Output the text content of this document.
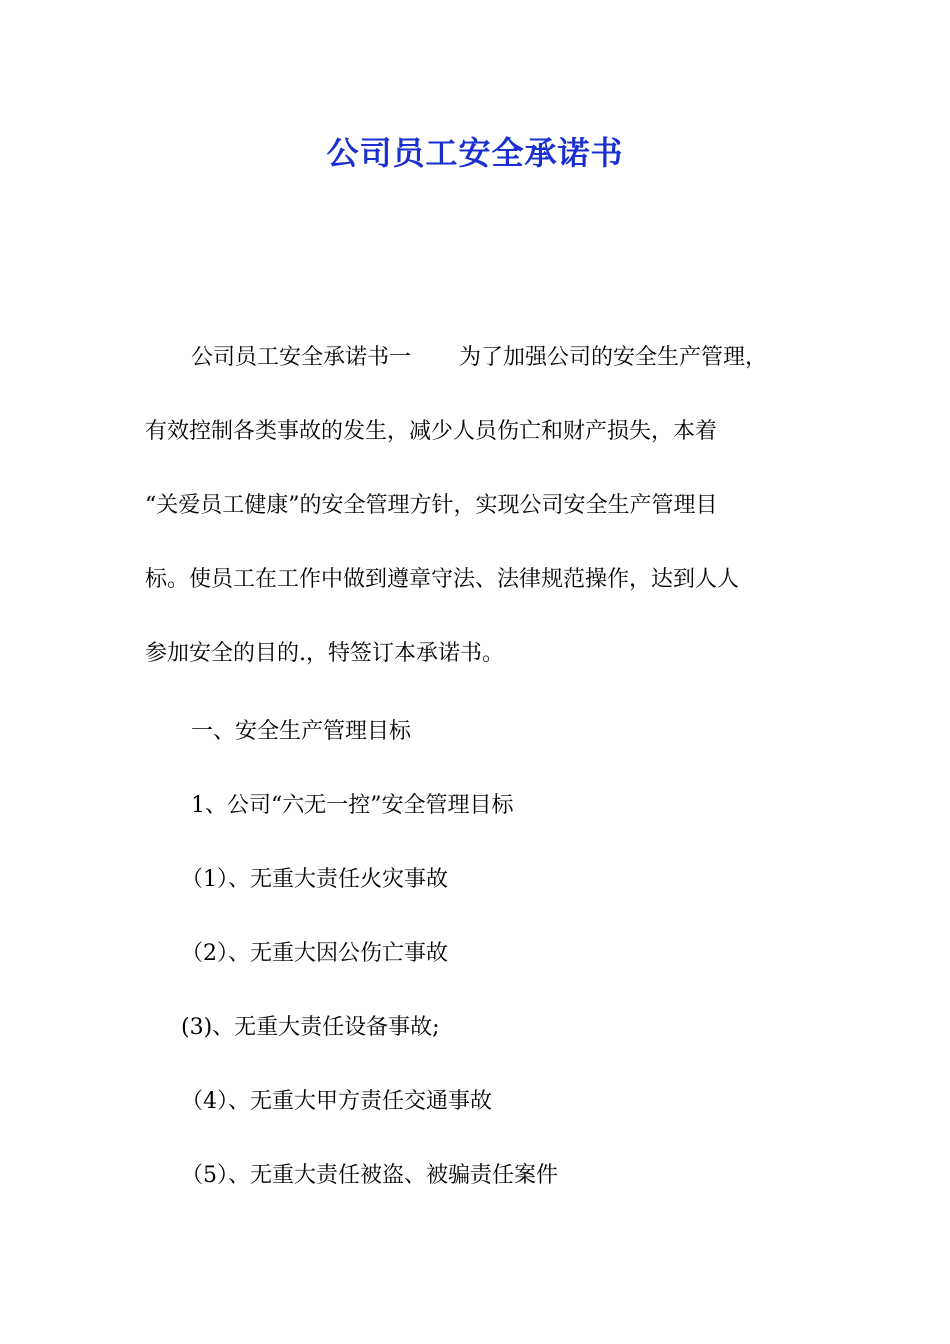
公司员工安全承诺书
公司员工安全承诺书一 为了加强公司的安全生产管理，
有效控制各类事故的发生，减少人员伤亡和财产损失，本着
“关爱员工健康”的安全管理方针，实现公司安全生产管理目
标。使员工在工作中做到遵章守法、法律规范操作，达到人人
参加安全的目的.，特签订本承诺书。
一、安全生产管理目标
1、公司“六无一控”安全管理目标
（1）、无重大责任火灾事故
（2）、无重大因公伤亡事故
(3)、无重大责任设备事故;
（4）、无重大甲方责任交通事故
（5）、无重大责任被盗、被骗责任案件
